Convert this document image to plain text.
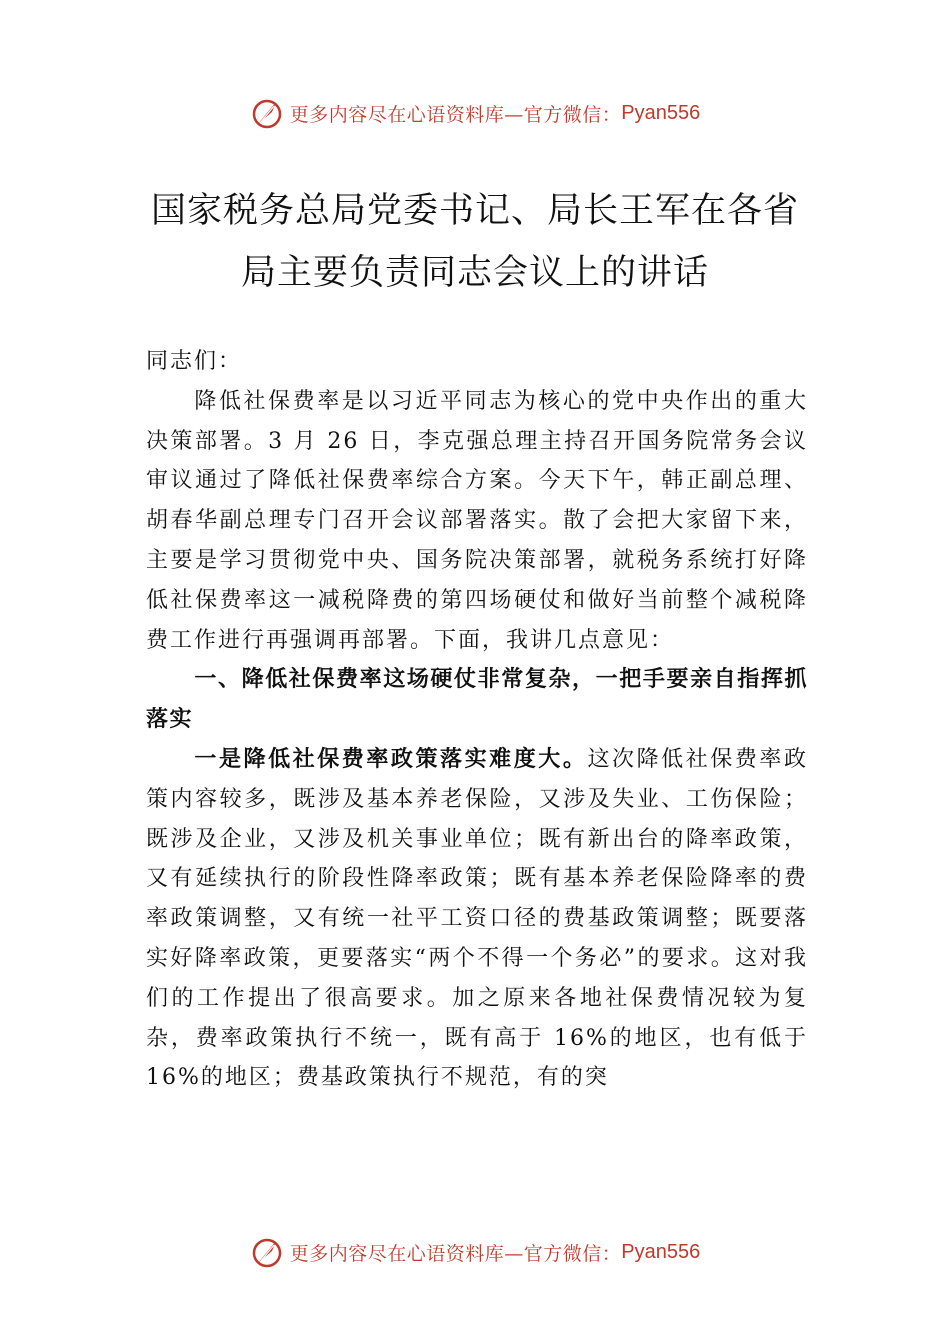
更多内容尽在心语资料库—官方微信： Pyan556
国家税务总局党委书记、局长王军在各省
局主要负责同志会议上的讲话

同志们：

降低社保费率是以习近平同志为核心的党中央作出的重大决策部署。3 月 26 日，李克强总理主持召开国务院常务会议审议通过了降低社保费率综合方案。今天下午，韩正副总理、胡春华副总理专门召开会议部署落实。散了会把大家留下来，主要是学习贯彻党中央、国务院决策部署，就税务系统打好降低社保费率这一减税降费的第四场硬仗和做好当前整个减税降费工作进行再强调再部署。下面，我讲几点意见：

一、降低社保费率这场硬仗非常复杂，一把手要亲自指挥抓落实

一是降低社保费率政策落实难度大。这次降低社保费率政策内容较多，既涉及基本养老保险，又涉及失业、工伤保险；既涉及企业，又涉及机关事业单位；既有新出台的降率政策，又有延续执行的阶段性降率政策；既有基本养老保险降率的费率政策调整，又有统一社平工资口径的费基政策调整；既要落实好降率政策，更要落实“两个不得一个务必”的要求。这对我们的工作提出了很高要求。加之原来各地社保费情况较为复杂，费率政策执行不统一，既有高于 16%的地区，也有低于 16%的地区；费基政策执行不规范，有的突

更多内容尽在心语资料库—官方微信： Pyan556
